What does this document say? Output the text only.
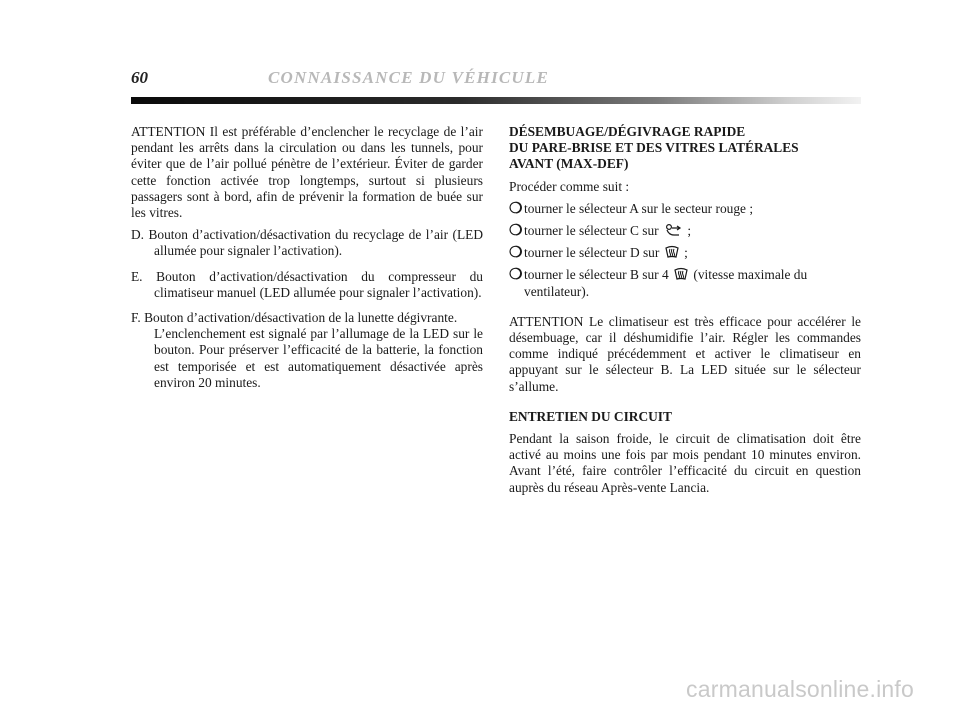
60	CONNAISSANCE DU VÉHICULE

ATTENTION Il est préférable d’enclencher le recyclage de l’air pendant les arrêts dans la circulation ou dans les tunnels, pour éviter que de l’air pollué pénètre de l’extérieur. Éviter de garder cette fonction activée trop longtemps, surtout si plusieurs passagers sont à bord, afin de prévenir la formation de buée sur les vitres.

D. Bouton d’activation/désactivation du recyclage de l’air (LED allumée pour signaler l’activation).

E. Bouton d’activation/désactivation du compresseur du climatiseur manuel (LED allumée pour signaler l’activation).

F. Bouton d’activation/désactivation de la lunette dégivrante.
L’enclenchement est signalé par l’allumage de la LED sur le bouton. Pour préserver l’efficacité de la batterie, la fonction est temporisée et est automatiquement désactivée après environ 20 minutes.

DÉSEMBUAGE/DÉGIVRAGE RAPIDE
DU PARE-BRISE ET DES VITRES LATÉRALES
AVANT (MAX-DEF)

Procéder comme suit :

❍ tourner le sélecteur A sur le secteur rouge ;
❍ tourner le sélecteur C sur ;
❍ tourner le sélecteur D sur ;
❍ tourner le sélecteur B sur 4 (vitesse maximale du ventilateur).

ATTENTION Le climatiseur est très efficace pour accélérer le désembuage, car il déshumidifie l’air. Régler les commandes comme indiqué précédemment et activer le climatiseur en appuyant sur le sélecteur B. La LED située sur le sélecteur s’allume.

ENTRETIEN DU CIRCUIT

Pendant la saison froide, le circuit de climatisation doit être activé au moins une fois par mois pendant 10 minutes environ. Avant l’été, faire contrôler l’efficacité du circuit en question auprès du réseau Après-vente Lancia.

carmanualsonline.info
